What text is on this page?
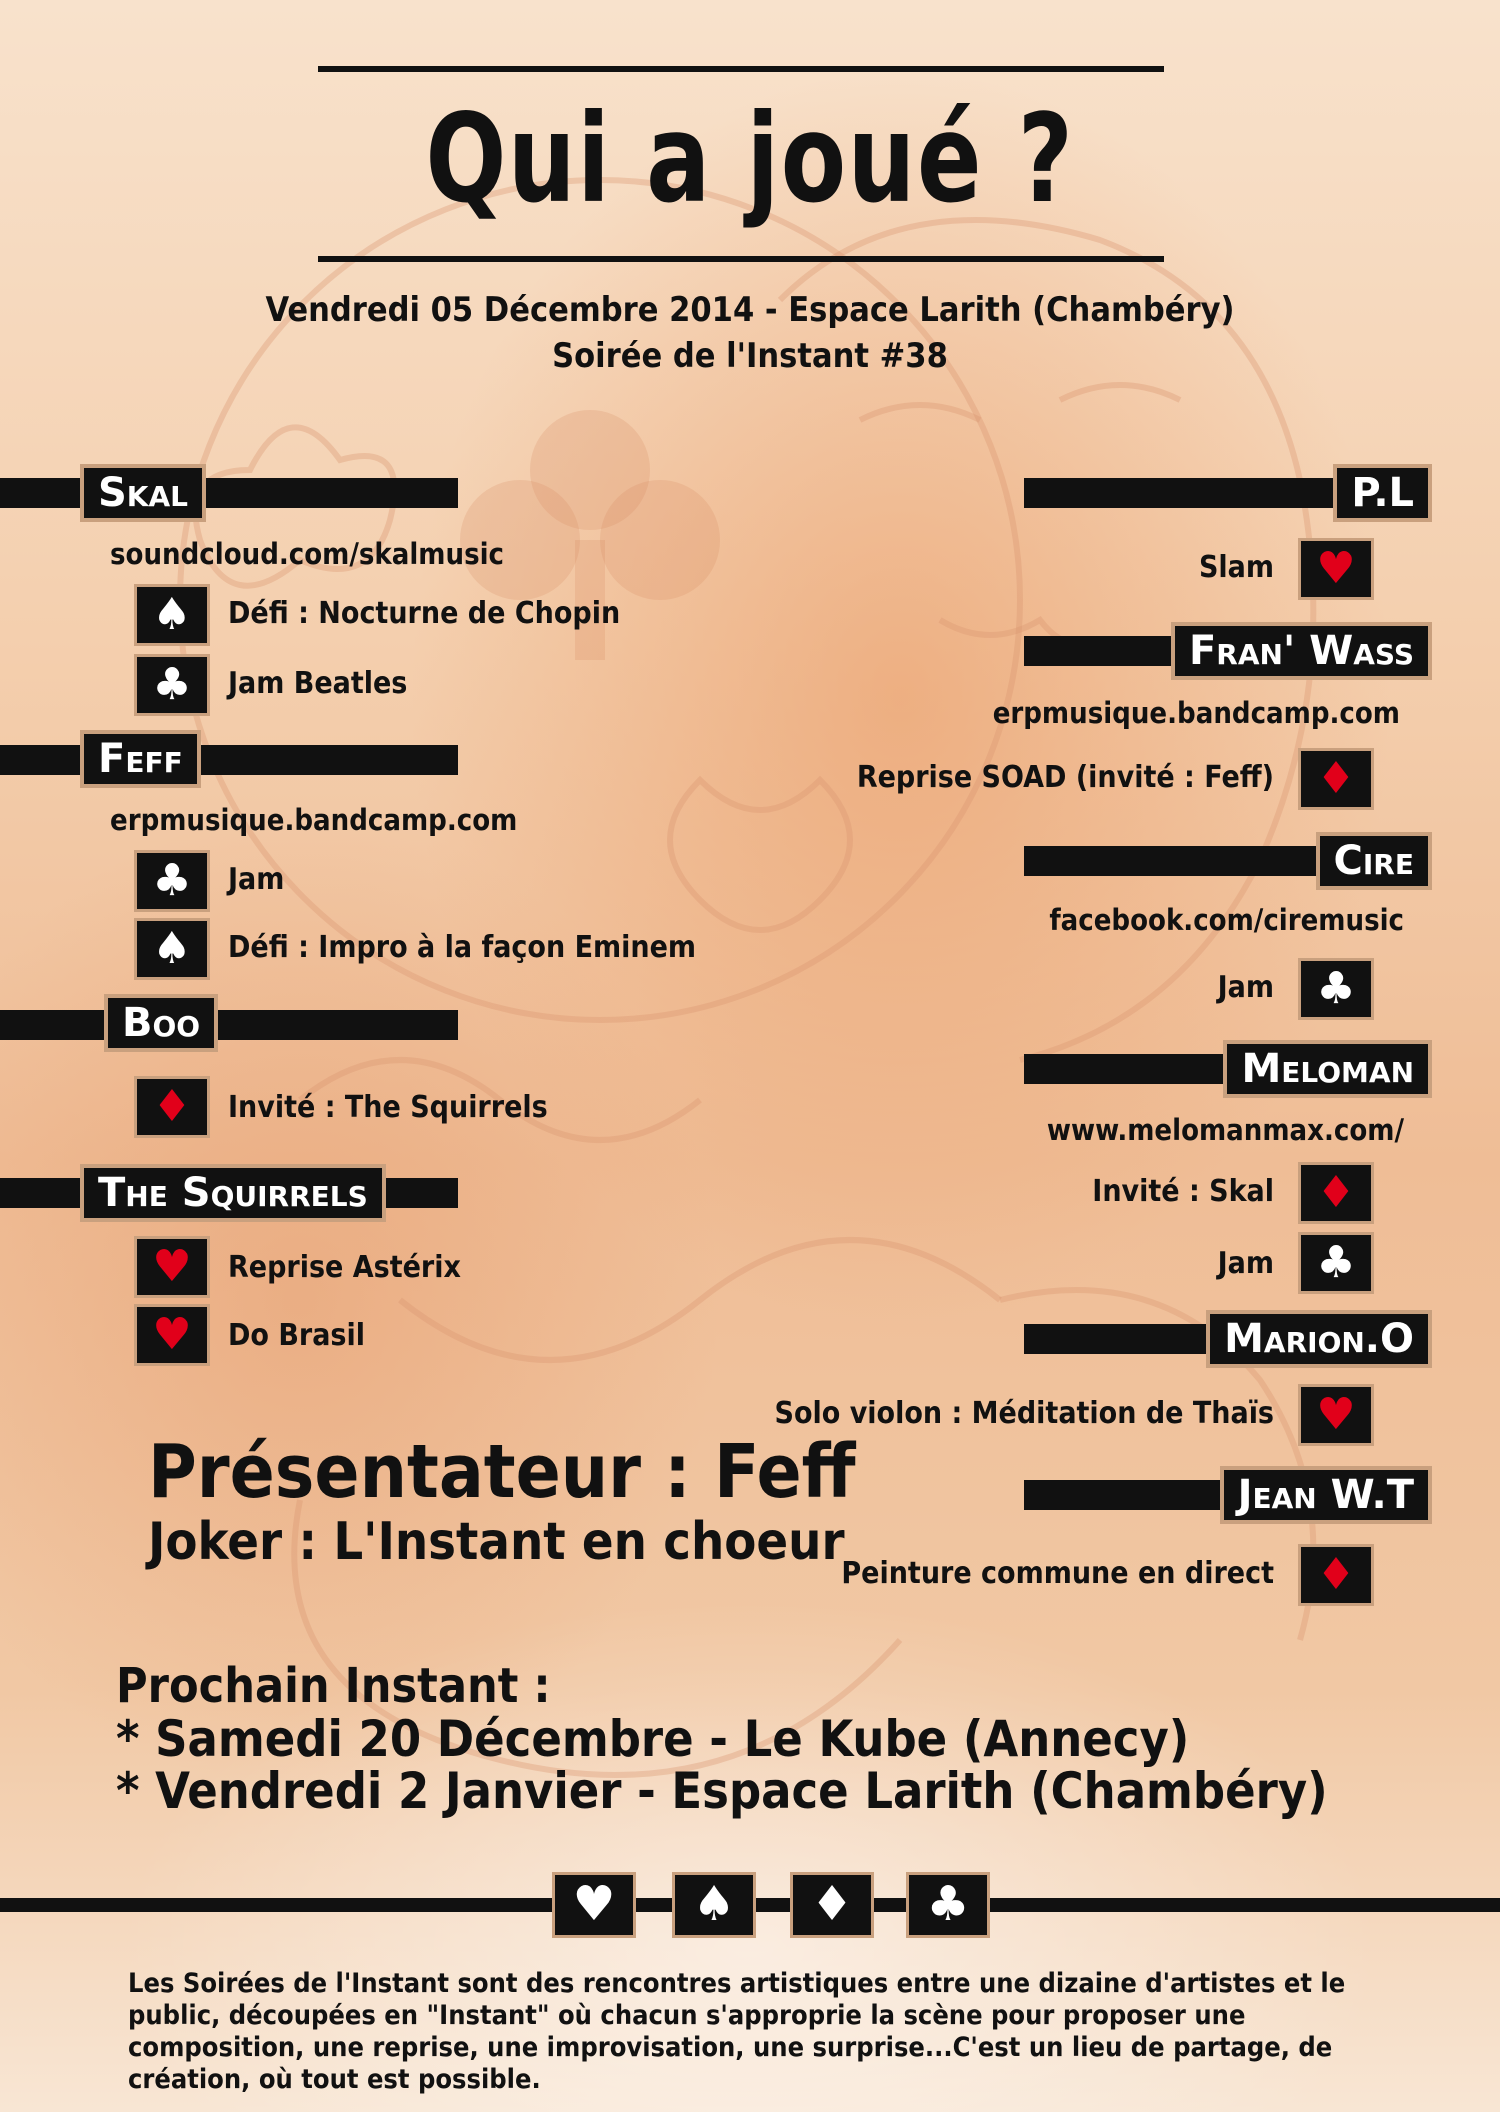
Qui a joué ?
Vendredi 05 Décembre 2014 - Espace Larith (Chambéry)
Soirée de l'Instant #38
Skal
soundcloud.com/skalmusic
♠	Défi : Nocturne de Chopin
♣	Jam Beatles
Feff
erpmusique.bandcamp.com
♣	Jam
♠	Défi : Impro à la façon Eminem
Boo
♦	Invité : The Squirrels
The Squirrels
♥	Reprise Astérix
♥	Do Brasil
P.L
Slam ♥
Fran' Wass
erpmusique.bandcamp.com
Reprise SOAD (invité : Feff) ♦
Cire
facebook.com/ciremusic
Jam ♣
Meloman
www.melomanmax.com/
Invité : Skal ♦
Jam ♣
Marion.O
Solo violon : Méditation de Thaïs ♥
Jean W.T
Peinture commune en direct ♦
Présentateur : Feff
Joker : L'Instant en choeur
Prochain Instant :
* Samedi 20 Décembre - Le Kube (Annecy)
* Vendredi 2 Janvier - Espace Larith (Chambéry)
♥	♠	♦	♣
Les Soirées de l'Instant sont des rencontres artistiques entre une dizaine d'artistes et le public, découpées en "Instant" où chacun s'approprie la scène pour proposer une composition, une reprise, une improvisation, une surprise...C'est un lieu de partage, de création, où tout est possible.
